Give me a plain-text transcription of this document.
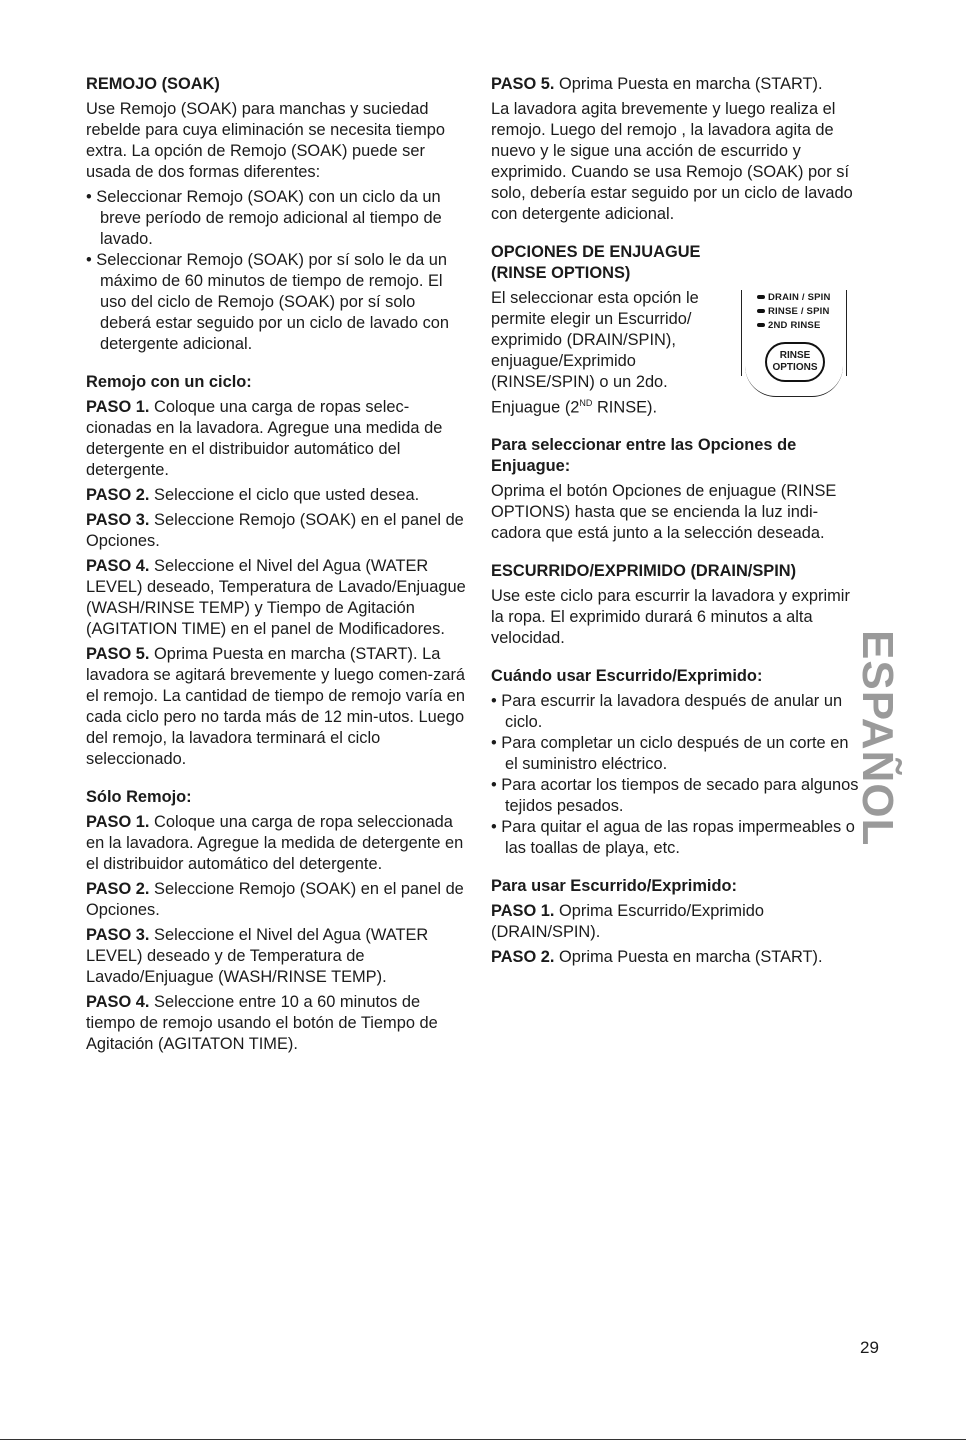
REMOJO (SOAK)

Use Remojo (SOAK) para manchas y suciedad rebelde para cuya eliminación se necesita tiempo extra. La opción de Remojo (SOAK) puede ser usada de dos formas diferentes:

• Seleccionar Remojo (SOAK) con un ciclo da un breve período de remojo adicional al tiempo de lavado.

• Seleccionar Remojo (SOAK) por sí solo le da un máximo de 60 minutos de tiempo de remojo. El uso del ciclo de Remojo (SOAK) por sí solo deberá estar seguido por un ciclo de lavado con detergente adicional.

Remojo con un ciclo:

PASO 1. Coloque una carga de ropas selec-cionadas en la lavadora. Agregue una medida de detergente en el distribuidor automático del detergente.

PASO 2. Seleccione el ciclo que usted desea.

PASO 3. Seleccione Remojo (SOAK) en el panel de Opciones.

PASO 4. Seleccione el Nivel del Agua (WATER LEVEL) deseado, Temperatura de Lavado/Enjuague (WASH/RINSE TEMP) y Tiempo de Agitación (AGITATION TIME) en el panel de Modificadores.

PASO 5. Oprima Puesta en marcha (START). La lavadora se agitará brevemente y luego comen-zará el remojo. La cantidad de tiempo de remojo varía en cada ciclo pero no tarda más de 12 min-utos. Luego del remojo, la lavadora terminará el ciclo seleccionado.

Sólo Remojo:

PASO 1. Coloque una carga de ropa seleccionada en la lavadora. Agregue la medida de detergente en el distribuidor automático del detergente.

PASO 2. Seleccione Remojo (SOAK) en el panel de Opciones.

PASO 3. Seleccione el Nivel del Agua (WATER LEVEL) deseado y de Temperatura de Lavado/Enjuague (WASH/RINSE TEMP).

PASO 4. Seleccione entre 10 a 60 minutos de tiempo de remojo usando el botón de Tiempo de Agitación (AGITATON TIME).

PASO 5. Oprima Puesta en marcha (START).

La lavadora agita brevemente y luego realiza el remojo. Luego del remojo , la lavadora agita de nuevo y le sigue una acción de escurrido y exprimido. Cuando se usa Remojo (SOAK) por sí solo, debería estar seguido por un ciclo de lavado con detergente adicional.

OPCIONES DE ENJUAGUE
(RINSE OPTIONS)

El seleccionar esta opción le permite elegir un Escurrido/ exprimido (DRAIN/SPIN), enjuague/Exprimido (RINSE/SPIN) o un 2do. Enjuague (2ND RINSE).

DRAIN / SPIN
RINSE / SPIN
2ND RINSE
RINSE
OPTIONS
Para seleccionar entre las Opciones de Enjuague:

Oprima el botón Opciones de enjuague (RINSE OPTIONS) hasta que se encienda la luz indi-cadora que está junto a la selección deseada.

ESCURRIDO/EXPRIMIDO (DRAIN/SPIN)

Use este ciclo para escurrir la lavadora y exprimir la ropa. El exprimido durará 6 minutos a alta velocidad.

Cuándo usar Escurrido/Exprimido:

• Para escurrir la lavadora después de anular un ciclo.

• Para completar un ciclo después de un corte en el suministro eléctrico.

• Para acortar los tiempos de secado para algunos tejidos pesados.

• Para quitar el agua de las ropas impermeables o las toallas de playa, etc.

Para usar Escurrido/Exprimido:

PASO 1. Oprima Escurrido/Exprimido (DRAIN/SPIN).

PASO 2. Oprima Puesta en marcha (START).

ESPAÑOL
29
